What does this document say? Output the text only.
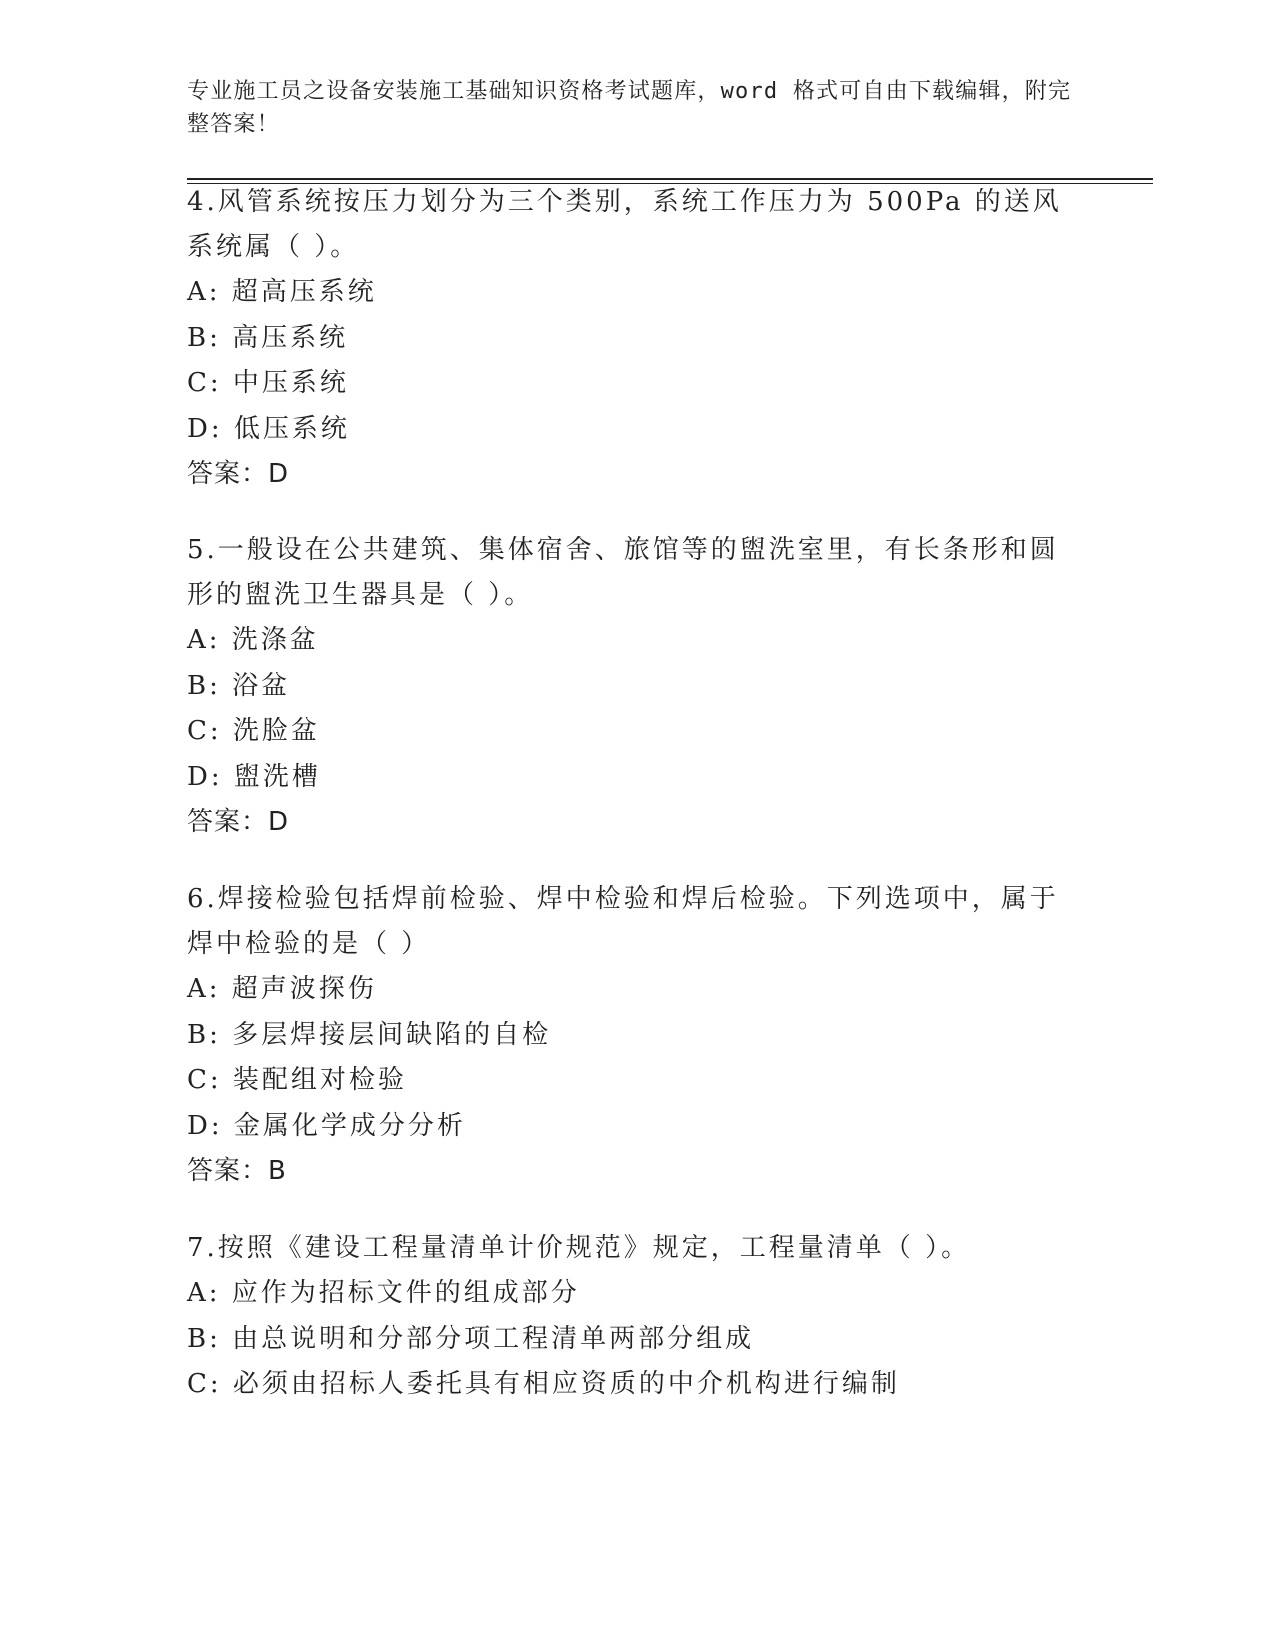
专业施工员之设备安装施工基础知识资格考试题库，word 格式可自由下载编辑，附完整答案！
4.风管系统按压力划分为三个类别，系统工作压力为 500Pa 的送风系统属（ ）。
A: 超高压系统
B: 高压系统
C: 中压系统
D: 低压系统
答案：D
5.一般设在公共建筑、集体宿舍、旅馆等的盥洗室里，有长条形和圆形的盥洗卫生器具是（ ）。
A: 洗涤盆
B: 浴盆
C: 洗脸盆
D: 盥洗槽
答案：D
6.焊接检验包括焊前检验、焊中检验和焊后检验。下列选项中，属于焊中检验的是（ ）
A: 超声波探伤
B: 多层焊接层间缺陷的自检
C: 装配组对检验
D: 金属化学成分分析
答案：B
7.按照《建设工程量清单计价规范》规定，工程量清单（ ）。
A: 应作为招标文件的组成部分
B: 由总说明和分部分项工程清单两部分组成
C: 必须由招标人委托具有相应资质的中介机构进行编制
